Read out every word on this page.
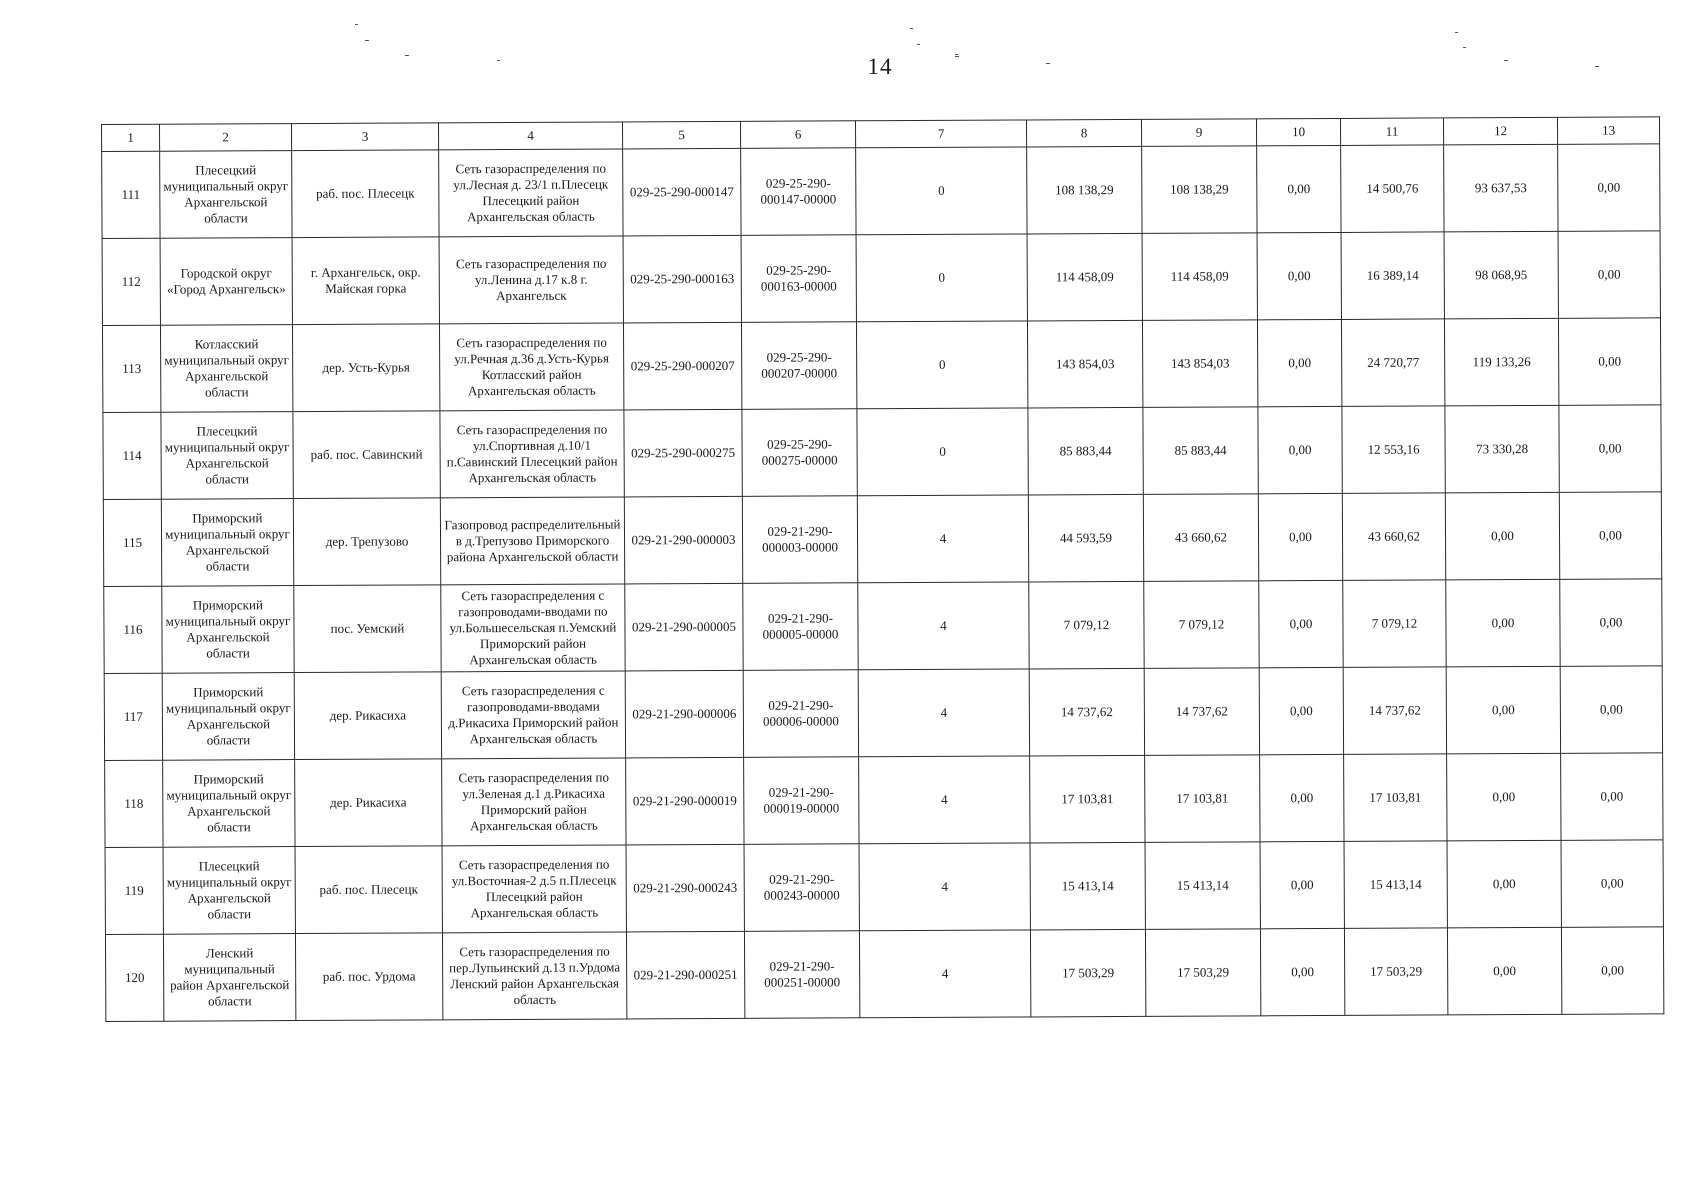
14
1	2	3	4	5	6	7	8	9	10	11	12	13
111	Плесецкий муниципальный округ Архангельской области	раб. пос. Плесецк	Сеть газораспределения по ул.Лесная д. 23/1 п.Плесецк Плесецкий район Архангельская область	029-25-290-000147	029-25-290-000147-00000	0	108 138,29	108 138,29	0,00	14 500,76	93 637,53	0,00
112	Городской округ «Город Архангельск»	г. Архангельск, окр. Майская горка	Сеть газораспределения по ул.Ленина д.17 к.8 г. Архангельск	029-25-290-000163	029-25-290-000163-00000	0	114 458,09	114 458,09	0,00	16 389,14	98 068,95	0,00
113	Котласский муниципальный округ Архангельской области	дер. Усть-Курья	Сеть газораспределения по ул.Речная д.36 д.Усть-Курья Котласский район Архангельская область	029-25-290-000207	029-25-290-000207-00000	0	143 854,03	143 854,03	0,00	24 720,77	119 133,26	0,00
114	Плесецкий муниципальный округ Архангельской области	раб. пос. Савинский	Сеть газораспределения по ул.Спортивная д.10/1 п.Савинский Плесецкий район Архангельская область	029-25-290-000275	029-25-290-000275-00000	0	85 883,44	85 883,44	0,00	12 553,16	73 330,28	0,00
115	Приморский муниципальный округ Архангельской области	дер. Трепузово	Газопровод распределительный в д.Трепузово Приморского района Архангельской области	029-21-290-000003	029-21-290-000003-00000	4	44 593,59	43 660,62	0,00	43 660,62	0,00	0,00
116	Приморский муниципальный округ Архангельской области	пос. Уемский	Сеть газораспределения с газопроводами-вводами по ул.Большесельская п.Уемский Приморский район Архангельская область	029-21-290-000005	029-21-290-000005-00000	4	7 079,12	7 079,12	0,00	7 079,12	0,00	0,00
117	Приморский муниципальный округ Архангельской области	дер. Рикасиха	Сеть газораспределения с газопроводами-вводами д.Рикасиха Приморский район Архангельская область	029-21-290-000006	029-21-290-000006-00000	4	14 737,62	14 737,62	0,00	14 737,62	0,00	0,00
118	Приморский муниципальный округ Архангельской области	дер. Рикасиха	Сеть газораспределения по ул.Зеленая д.1 д.Рикасиха Приморский район Архангельская область	029-21-290-000019	029-21-290-000019-00000	4	17 103,81	17 103,81	0,00	17 103,81	0,00	0,00
119	Плесецкий муниципальный округ Архангельской области	раб. пос. Плесецк	Сеть газораспределения по ул.Восточная-2 д.5 п.Плесецк Плесецкий район Архангельская область	029-21-290-000243	029-21-290-000243-00000	4	15 413,14	15 413,14	0,00	15 413,14	0,00	0,00
120	Ленский муниципальный район Архангельской области	раб. пос. Урдома	Сеть газораспределения по пер.Лупьинский д.13 п.Урдома Ленский район Архангельская область	029-21-290-000251	029-21-290-000251-00000	4	17 503,29	17 503,29	0,00	17 503,29	0,00	0,00
